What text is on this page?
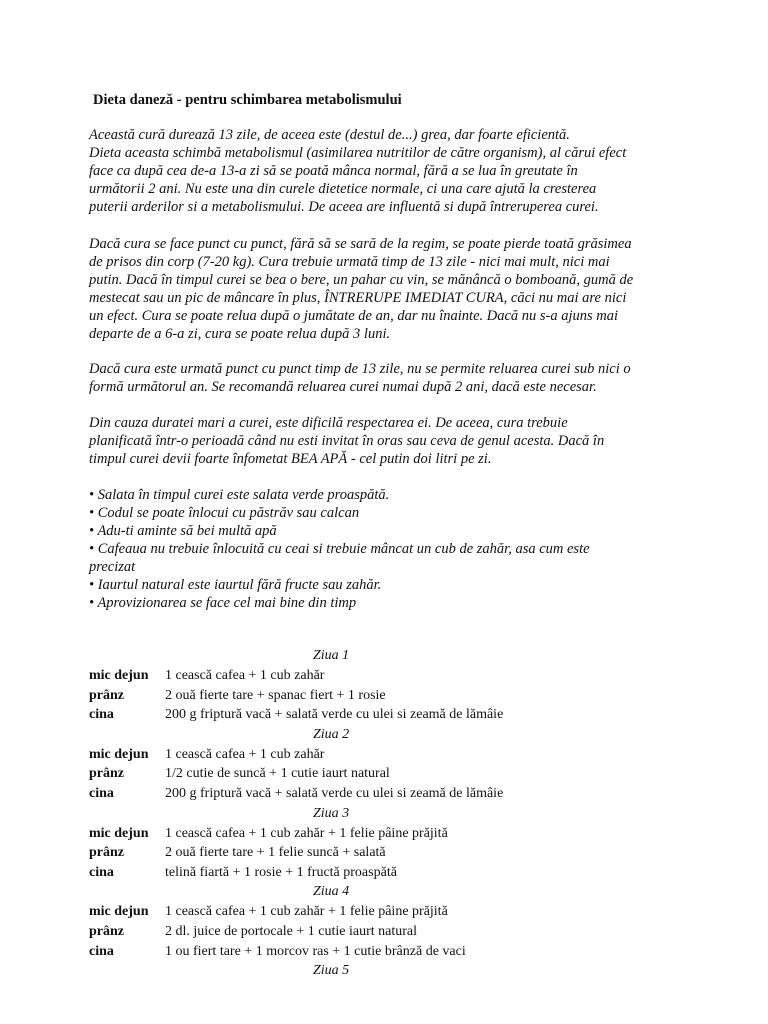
Dieta daneză - pentru schimbarea metabolismului

Această cură durează 13 zile, de aceea este (destul de...) grea, dar foarte eficientă.
Dieta aceasta schimbă metabolismul (asimilarea nutritilor de către organism), al cărui efect
face ca după cea de-a 13-a zi să se poată mânca normal, fără a se lua în greutate în
următorii 2 ani. Nu este una din curele dietetice normale, ci una care ajută la cresterea
puterii arderilor si a metabolismului. De aceea are influentă si după întreruperea curei.

Dacă cura se face punct cu punct, fără să se sară de la regim, se poate pierde toată grăsimea
de prisos din corp (7-20 kg). Cura trebuie urmată timp de 13 zile - nici mai mult, nici mai
putin. Dacă în timpul curei se bea o bere, un pahar cu vin, se mănâncă o bomboană, gumă de
mestecat sau un pic de mâncare în plus, ÎNTRERUPE IMEDIAT CURA, căci nu mai are nici
un efect. Cura se poate relua după o jumătate de an, dar nu înainte. Dacă nu s-a ajuns mai
departe de a 6-a zi, cura se poate relua după 3 luni.

Dacă cura este urmată punct cu punct timp de 13 zile, nu se permite reluarea curei sub nici o
formă următorul an. Se recomandă reluarea curei numai după 2 ani, dacă este necesar.

Din cauza duratei mari a curei, este dificilă respectarea ei. De aceea, cura trebuie
planificată într-o perioadă când nu esti invitat în oras sau ceva de genul acesta. Dacă în
timpul curei devii foarte înfometat BEA APĂ - cel putin doi litri pe zi.

• Salata în timpul curei este salata verde proaspătă.
• Codul se poate înlocui cu păstrăv sau calcan
• Adu-ti aminte să bei multă apă
• Cafeaua nu trebuie înlocuită cu ceai si trebuie mâncat un cub de zahăr, asa cum este
precizat
• Iaurtul natural este iaurtul fără fructe sau zahăr.
• Aprovizionarea se face cel mai bine din timp
Ziua 1
mic dejun 1 cească cafea + 1 cub zahăr
prânz	2 ouă fierte tare + spanac fiert + 1 rosie
cina	200 g friptură vacă + salată verde cu ulei si zeamă de lămâie
Ziua 2
mic dejun 1 cească cafea + 1 cub zahăr
prânz	1/2 cutie de suncă + 1 cutie iaurt natural
cina	200 g friptură vacă + salată verde cu ulei si zeamă de lămâie
Ziua 3
mic dejun 1 cească cafea + 1 cub zahăr + 1 felie pâine prăjită
prânz	2 ouă fierte tare + 1 felie suncă + salată
cina	telină fiartă + 1 rosie + 1 fructă proaspătă
Ziua 4
mic dejun 1 cească cafea + 1 cub zahăr + 1 felie pâine prăjită
prânz	2 dl. juice de portocale + 1 cutie iaurt natural
cina	1 ou fiert tare + 1 morcov ras + 1 cutie brânză de vaci
Ziua 5
